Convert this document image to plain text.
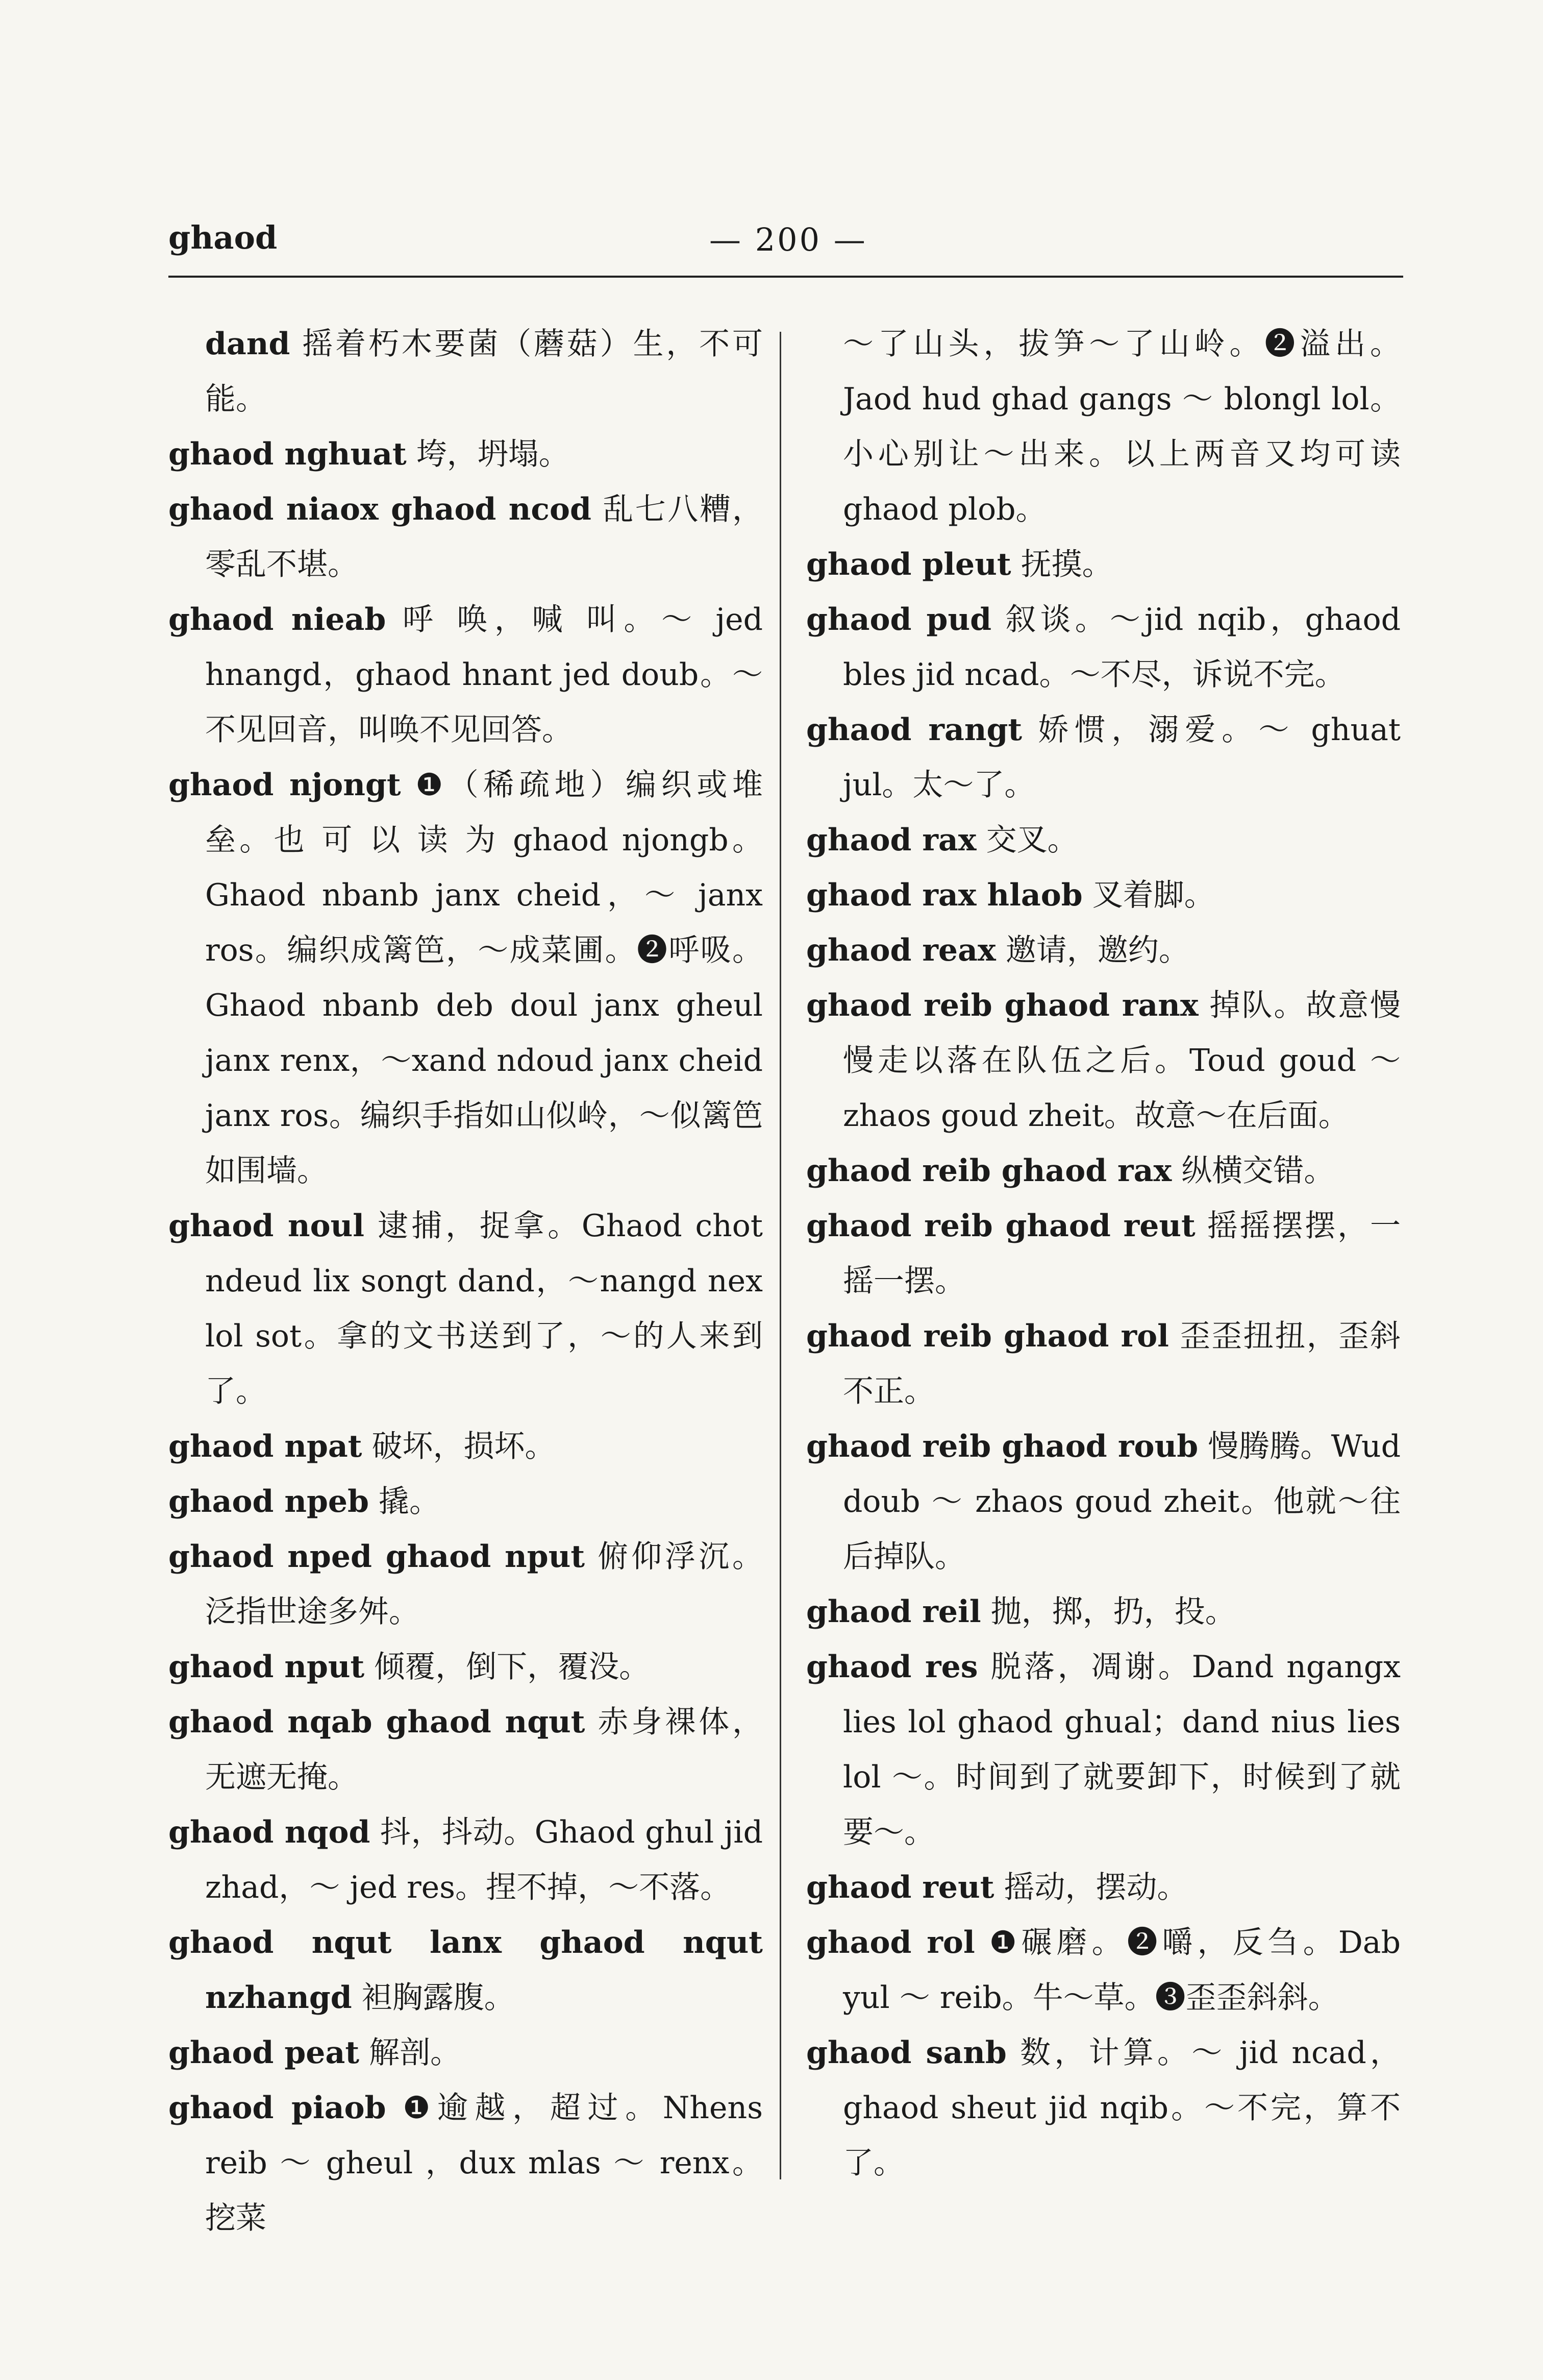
ghaod	— 200 —

dand 摇着朽木要菌（蘑菇）生，不可能。

ghaod nghuat 垮，坍塌。

ghaod niaox ghaod ncod 乱七八糟，零乱不堪。

ghaod nieab 呼 唤，喊 叫。～ jed hnangd，ghaod hnant jed doub。～不见回音，叫唤不见回答。

ghaod njongt ❶（稀疏地）编织或堆垒。也 可 以 读 为 ghaod njongb。Ghaod nbanb janx cheid，～ janx ros。编织成篱笆，～成菜圃。❷呼吸。Ghaod nbanb deb doul janx gheul janx renx，～xand ndoud janx cheid janx ros。编织手指如山似岭，～似篱笆如围墙。

ghaod noul 逮捕，捉拿。Ghaod chot ndeud lix songt dand，～nangd nex lol sot。拿的文书送到了，～的人来到了。

ghaod npat 破坏，损坏。

ghaod npeb 撬。

ghaod nped ghaod nput 俯仰浮沉。泛指世途多舛。

ghaod nput 倾覆，倒下，覆没。

ghaod nqab ghaod nqut 赤身裸体，无遮无掩。

ghaod nqod 抖，抖动。Ghaod ghul jid zhad，～ jed res。捏不掉，～不落。

ghaod nqut lanx ghaod nqut nzhangd 袒胸露腹。

ghaod peat 解剖。

ghaod piaob ❶逾越，超过。Nhens reib ～ gheul ，dux mlas ～ renx。挖菜

～了山头，拔笋～了山岭。❷溢出。Jaod hud ghad gangs ～ blongl lol。小心别让～出来。以上两音又均可读 ghaod plob。

ghaod pleut 抚摸。

ghaod pud 叙谈。～jid nqib，ghaod bles jid ncad。～不尽，诉说不完。

ghaod rangt 娇惯，溺爱。～ ghuat jul。太～了。

ghaod rax 交叉。

ghaod rax hlaob 叉着脚。

ghaod reax 邀请，邀约。

ghaod reib ghaod ranx 掉队。故意慢慢走以落在队伍之后。Toud goud ～ zhaos goud zheit。故意～在后面。

ghaod reib ghaod rax 纵横交错。

ghaod reib ghaod reut 摇摇摆摆，一摇一摆。

ghaod reib ghaod rol 歪歪扭扭，歪斜不正。

ghaod reib ghaod roub 慢腾腾。Wud doub ～ zhaos goud zheit。他就～往后掉队。

ghaod reil 抛，掷，扔，投。

ghaod res 脱落，凋谢。Dand ngangx lies lol ghaod ghual；dand nius lies lol ～。时间到了就要卸下，时候到了就要～。

ghaod reut 摇动，摆动。

ghaod rol ❶碾磨。❷嚼，反刍。Dab yul ～ reib。牛～草。❸歪歪斜斜。

ghaod sanb 数，计算。～ jid ncad，ghaod sheut jid nqib。～不完，算不了。
